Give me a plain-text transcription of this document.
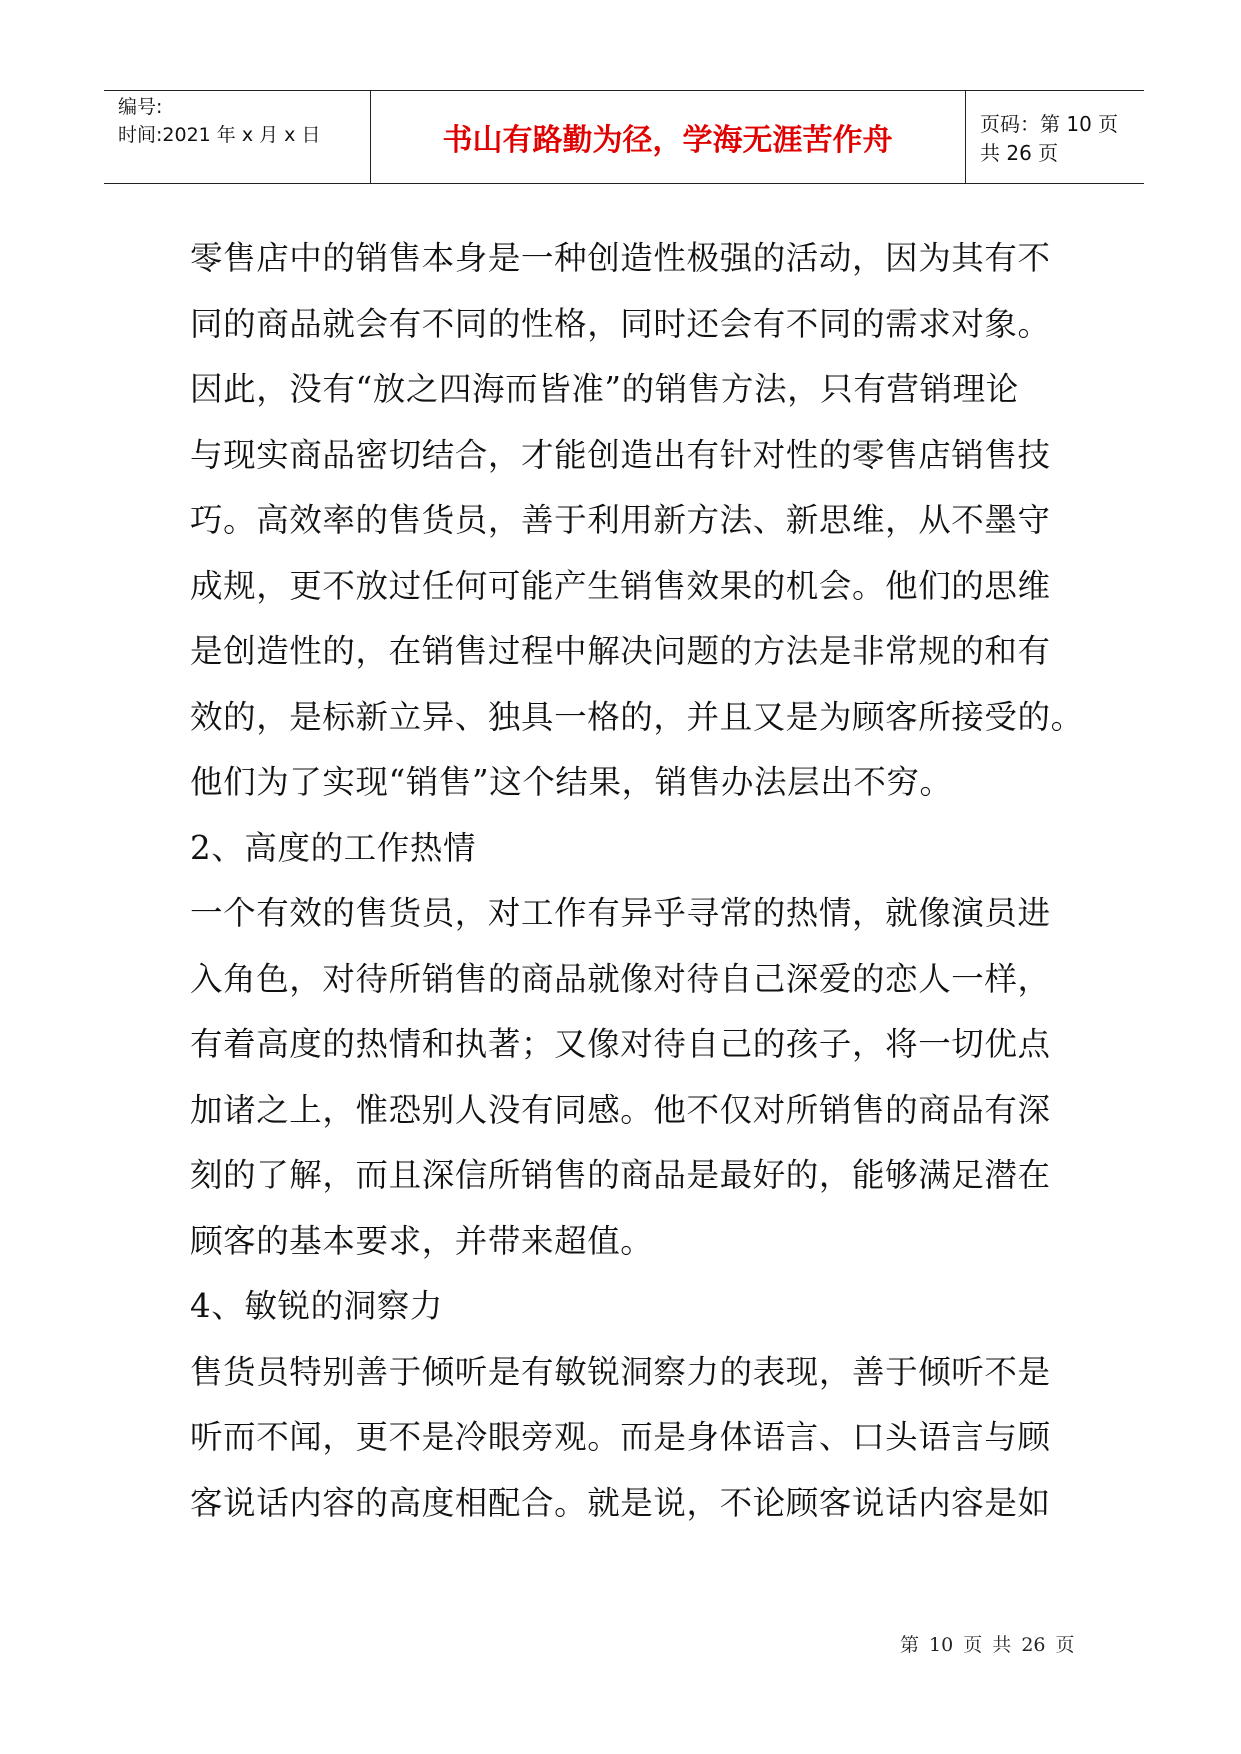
编号:
时间:2021 年 x 月 x 日	书山有路勤为径，学海无涯苦作舟	页码：第 10 页 共 26 页
零售店中的销售本身是一种创造性极强的活动，因为其有不
同的商品就会有不同的性格，同时还会有不同的需求对象。
因此，没有“放之四海而皆准”的销售方法，只有营销理论
与现实商品密切结合，才能创造出有针对性的零售店销售技
巧。高效率的售货员，善于利用新方法、新思维，从不墨守
成规，更不放过任何可能产生销售效果的机会。他们的思维
是创造性的，在销售过程中解决问题的方法是非常规的和有
效的，是标新立异、独具一格的，并且又是为顾客所接受的。
他们为了实现“销售”这个结果，销售办法层出不穷。
2、高度的工作热情
一个有效的售货员，对工作有异乎寻常的热情，就像演员进
入角色，对待所销售的商品就像对待自己深爱的恋人一样，
有着高度的热情和执著；又像对待自己的孩子，将一切优点
加诸之上，惟恐别人没有同感。他不仅对所销售的商品有深
刻的了解，而且深信所销售的商品是最好的，能够满足潜在
顾客的基本要求，并带来超值。
4、敏锐的洞察力
售货员特别善于倾听是有敏锐洞察力的表现，善于倾听不是
听而不闻，更不是冷眼旁观。而是身体语言、口头语言与顾
客说话内容的高度相配合。就是说，不论顾客说话内容是如
第 10 页 共 26 页
